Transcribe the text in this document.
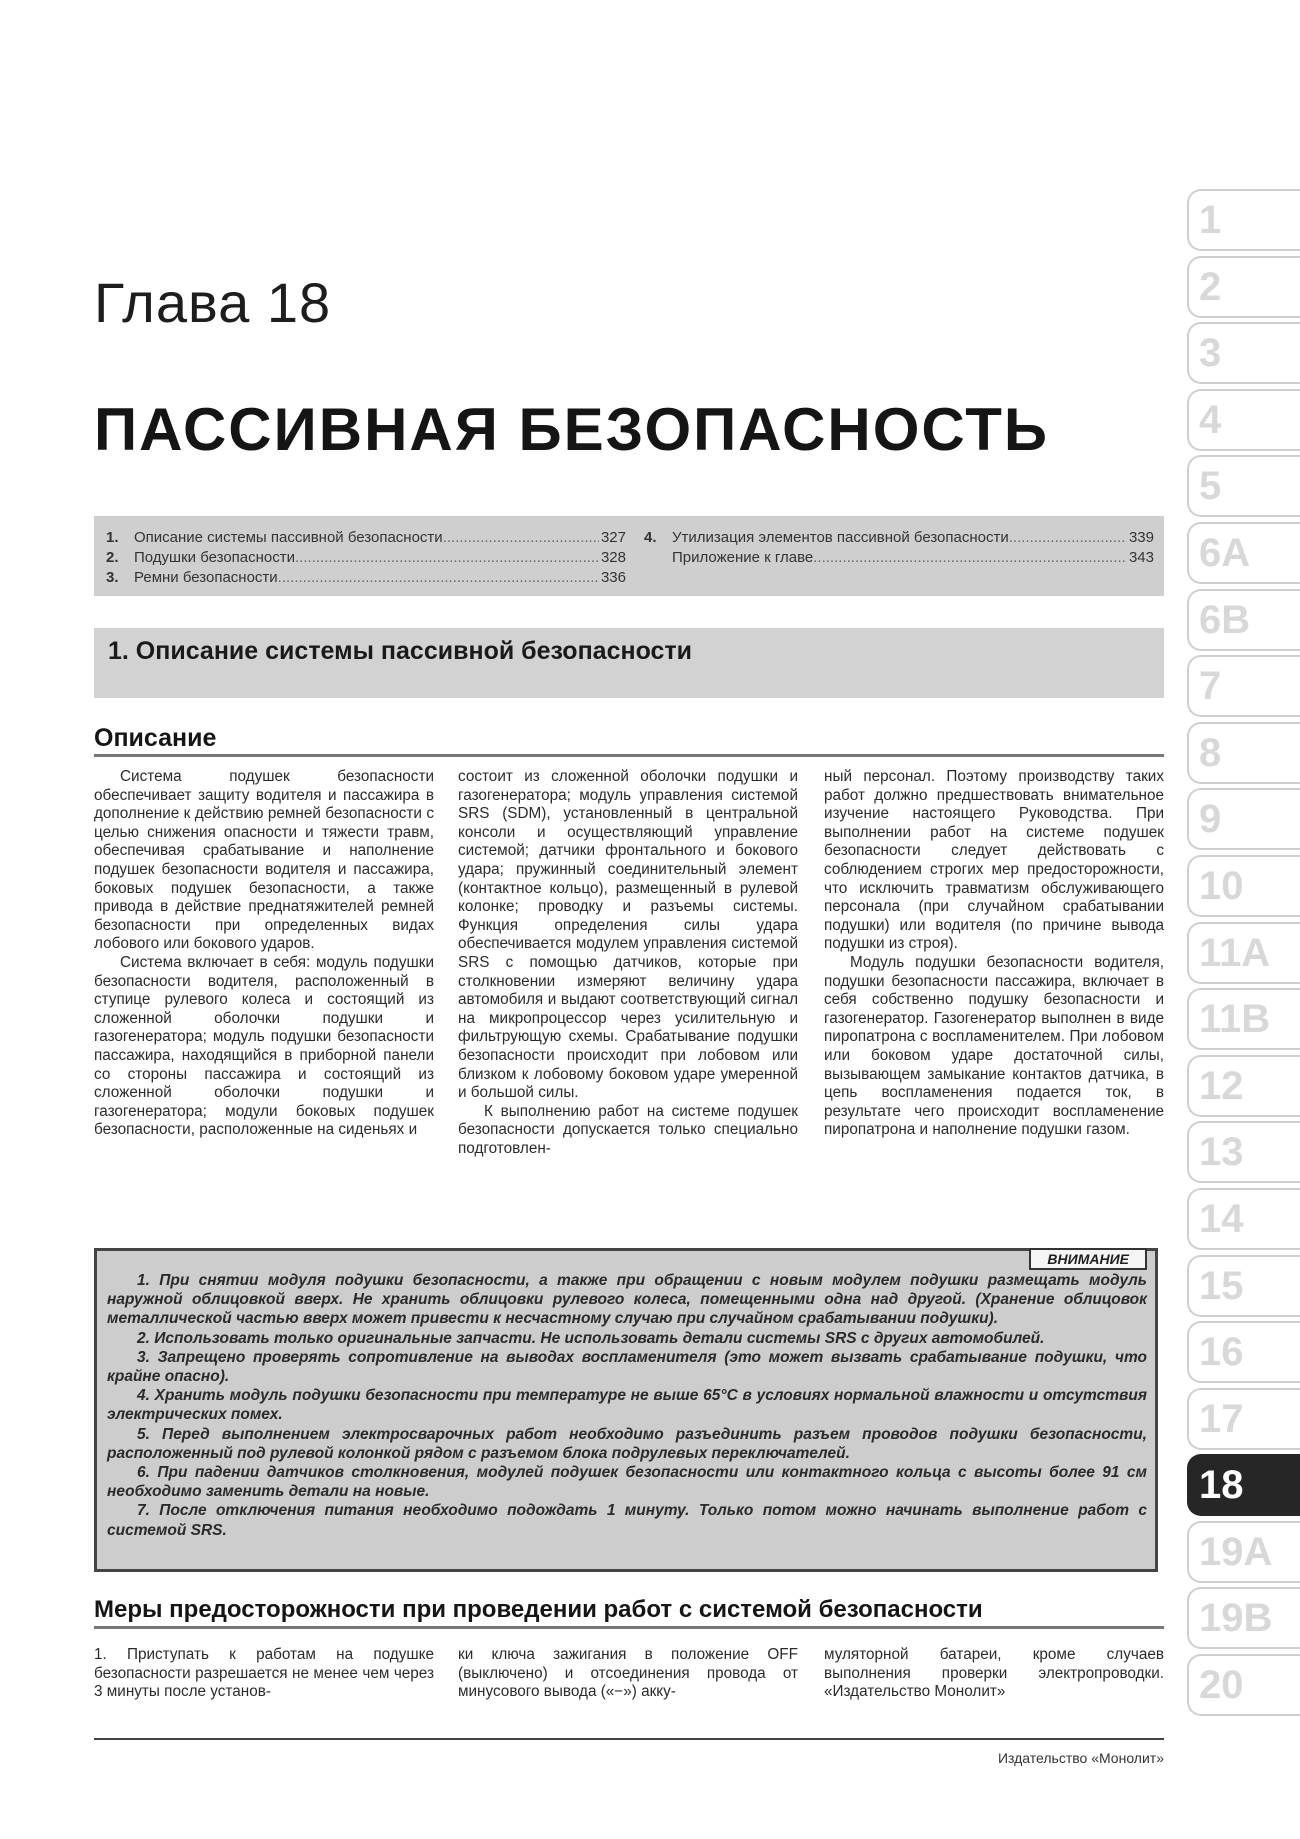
Глава 18
ПАССИВНАЯ БЕЗОПАСНОСТЬ
1.	Описание системы пассивной безопасности .....	327
2.	Подушки безопасности .....	328
3.	Ремни безопасности .....	336
4.	Утилизация элементов пассивной безопасности .....	339
Приложение к главе .....	343
1. Описание системы пассивной безопасности
Описание

Система подушек безопасности обеспечивает защиту водителя и пассажира в дополнение к действию ремней безопасности с целью снижения опасности и тяжести травм, обеспечивая срабатывание и наполнение подушек безопасности водителя и пассажира, боковых подушек безопасности, а также привода в действие преднатяжителей ремней безопасности при определенных видах лобового или бокового ударов.

Система включает в себя: модуль подушки безопасности водителя, расположенный в ступице рулевого колеса и состоящий из сложенной оболочки подушки и газогенератора; модуль подушки безопасности пассажира, находящийся в приборной панели со стороны пассажира и состоящий из сложенной оболочки подушки и газогенератора; модули боковых подушек безопасности, расположенные на сиденьях и

состоит из сложенной оболочки подушки и газогенератора; модуль управления системой SRS (SDM), установленный в центральной консоли и осуществляющий управление системой; датчики фронтального и бокового удара; пружинный соединительный элемент (контактное кольцо), размещенный в рулевой колонке; проводку и разъемы системы. Функция определения силы удара обеспечивается модулем управления системой SRS с помощью датчиков, которые при столкновении измеряют величину удара автомобиля и выдают соответствующий сигнал на микропроцессор через усилительную и фильтрующую схемы. Срабатывание подушки безопасности происходит при лобовом или близком к лобовому боковом ударе умеренной и большой силы.

К выполнению работ на системе подушек безопасности допускается только специально подготовлен-

ный персонал. Поэтому производству таких работ должно предшествовать внимательное изучение настоящего Руководства. При выполнении работ на системе подушек безопасности следует действовать с соблюдением строгих мер предосторожности, что исключить травматизм обслуживающего персонала (при случайном срабатывании подушки) или водителя (по причине вывода подушки из строя).

Модуль подушки безопасности водителя, подушки безопасности пассажира, включает в себя собственно подушку безопасности и газогенератор. Газогенератор выполнен в виде пиропатрона с воспламенителем. При лобовом или боковом ударе достаточной силы, вызывающем замыкание контактов датчика, в цепь воспламенения подается ток, в результате чего происходит воспламенение пиропатрона и наполнение подушки газом.

ВНИМАНИЕ

1. При снятии модуля подушки безопасности, а также при обращении с новым модулем подушки размещать модуль наружной облицовкой вверх. Не хранить облицовки рулевого колеса, помещенными одна над другой. (Хранение облицовок металлической частью вверх может привести к несчастному случаю при случайном срабатывании подушки).

2. Использовать только оригинальные запчасти. Не использовать детали системы SRS с других автомобилей.

3. Запрещено проверять сопротивление на выводах воспламенителя (это может вызвать срабатывание подушки, что крайне опасно).

4. Хранить модуль подушки безопасности при температуре не выше 65°С в условиях нормальной влажности и отсутствия электрических помех.

5. Перед выполнением электросварочных работ необходимо разъединить разъем проводов подушки безопасности, расположенный под рулевой колонкой рядом с разъемом блока подрулевых переключателей.

6. При падении датчиков столкновения, модулей подушек безопасности или контактного кольца с высоты более 91 см необходимо заменить детали на новые.

7. После отключения питания необходимо подождать 1 минуту. Только потом можно начинать выполнение работ с системой SRS.

Меры предосторожности при проведении работ с системой безопасности

1. Приступать к работам на подушке безопасности разрешается не менее чем через 3 минуты после установ-

ки ключа зажигания в положение OFF (выключено) и отсоединения провода от минусового вывода («−») акку-

муляторной батареи, кроме случаев выполнения проверки электропроводки. «Издательство Монолит»

Издательство «Монолит»
1
2
3
4
5
6A
6B
7
8
9
10
11A
11B
12
13
14
15
16
17
18
19A
19B
20
